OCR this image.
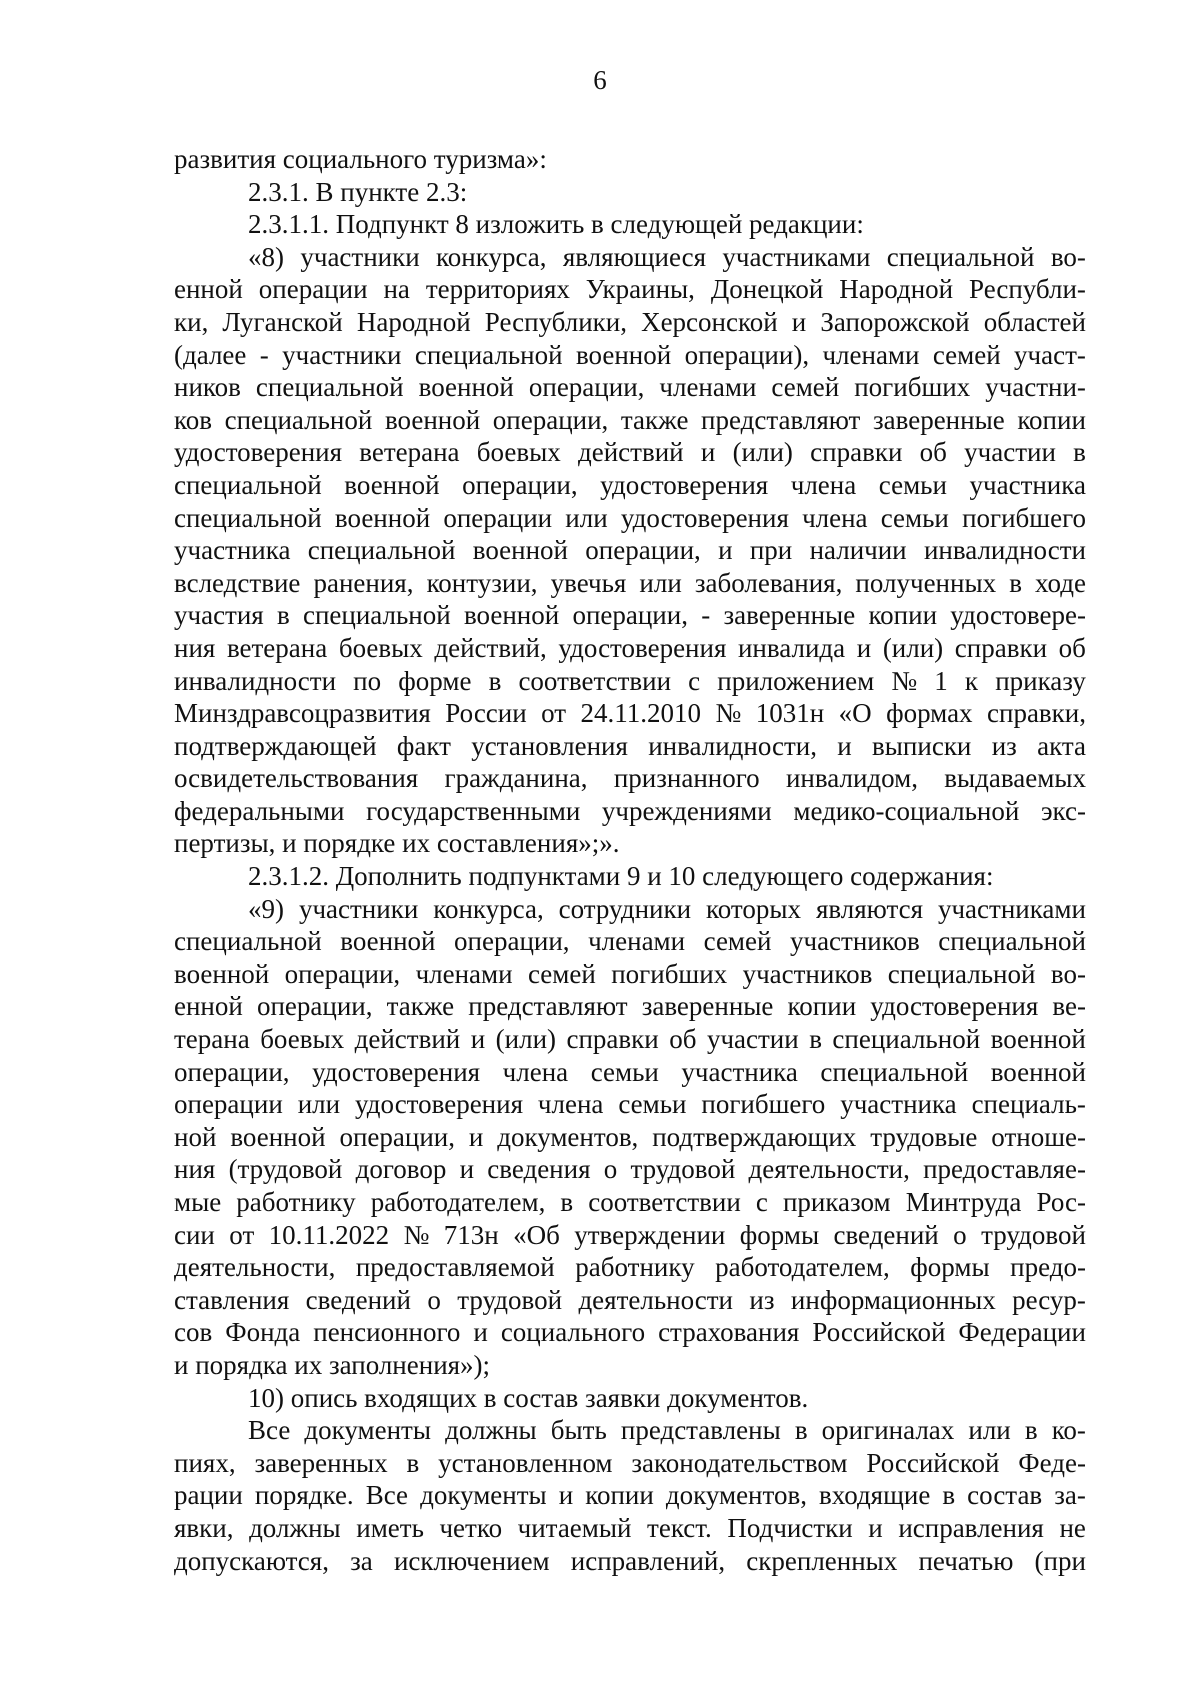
6
развития социального туризма»:
2.3.1. В пункте 2.3:
2.3.1.1. Подпункт 8 изложить в следующей редакции:
«8) участники конкурса, являющиеся участниками специальной во-
енной операции на территориях Украины, Донецкой Народной Республи-
ки, Луганской Народной Республики, Херсонской и Запорожской областей
(далее - участники специальной военной операции), членами семей участ-
ников специальной военной операции, членами семей погибших участни-
ков специальной военной операции, также представляют заверенные копии
удостоверения ветерана боевых действий и (или) справки об участии в
специальной военной операции, удостоверения члена семьи участника
специальной военной операции или удостоверения члена семьи погибшего
участника специальной военной операции, и при наличии инвалидности
вследствие ранения, контузии, увечья или заболевания, полученных в ходе
участия в специальной военной операции, - заверенные копии удостовере-
ния ветерана боевых действий, удостоверения инвалида и (или) справки об
инвалидности по форме в соответствии с приложением № 1 к приказу
Минздравсоцразвития России от 24.11.2010 № 1031н «О формах справки,
подтверждающей факт установления инвалидности, и выписки из акта
освидетельствования гражданина, признанного инвалидом, выдаваемых
федеральными государственными учреждениями медико-социальной экс-
пертизы, и порядке их составления»;».
2.3.1.2. Дополнить подпунктами 9 и 10 следующего содержания:
«9) участники конкурса, сотрудники которых являются участниками
специальной военной операции, членами семей участников специальной
военной операции, членами семей погибших участников специальной во-
енной операции, также представляют заверенные копии удостоверения ве-
терана боевых действий и (или) справки об участии в специальной военной
операции, удостоверения члена семьи участника специальной военной
операции или удостоверения члена семьи погибшего участника специаль-
ной военной операции, и документов, подтверждающих трудовые отноше-
ния (трудовой договор и сведения о трудовой деятельности, предоставляе-
мые работнику работодателем, в соответствии с приказом Минтруда Рос-
сии от 10.11.2022 № 713н «Об утверждении формы сведений о трудовой
деятельности, предоставляемой работнику работодателем, формы предо-
ставления сведений о трудовой деятельности из информационных ресур-
сов Фонда пенсионного и социального страхования Российской Федерации
и порядка их заполнения»);
10) опись входящих в состав заявки документов.
Все документы должны быть представлены в оригиналах или в ко-
пиях, заверенных в установленном законодательством Российской Феде-
рации порядке. Все документы и копии документов, входящие в состав за-
явки, должны иметь четко читаемый текст. Подчистки и исправления не
допускаются, за исключением исправлений, скрепленных печатью (при
